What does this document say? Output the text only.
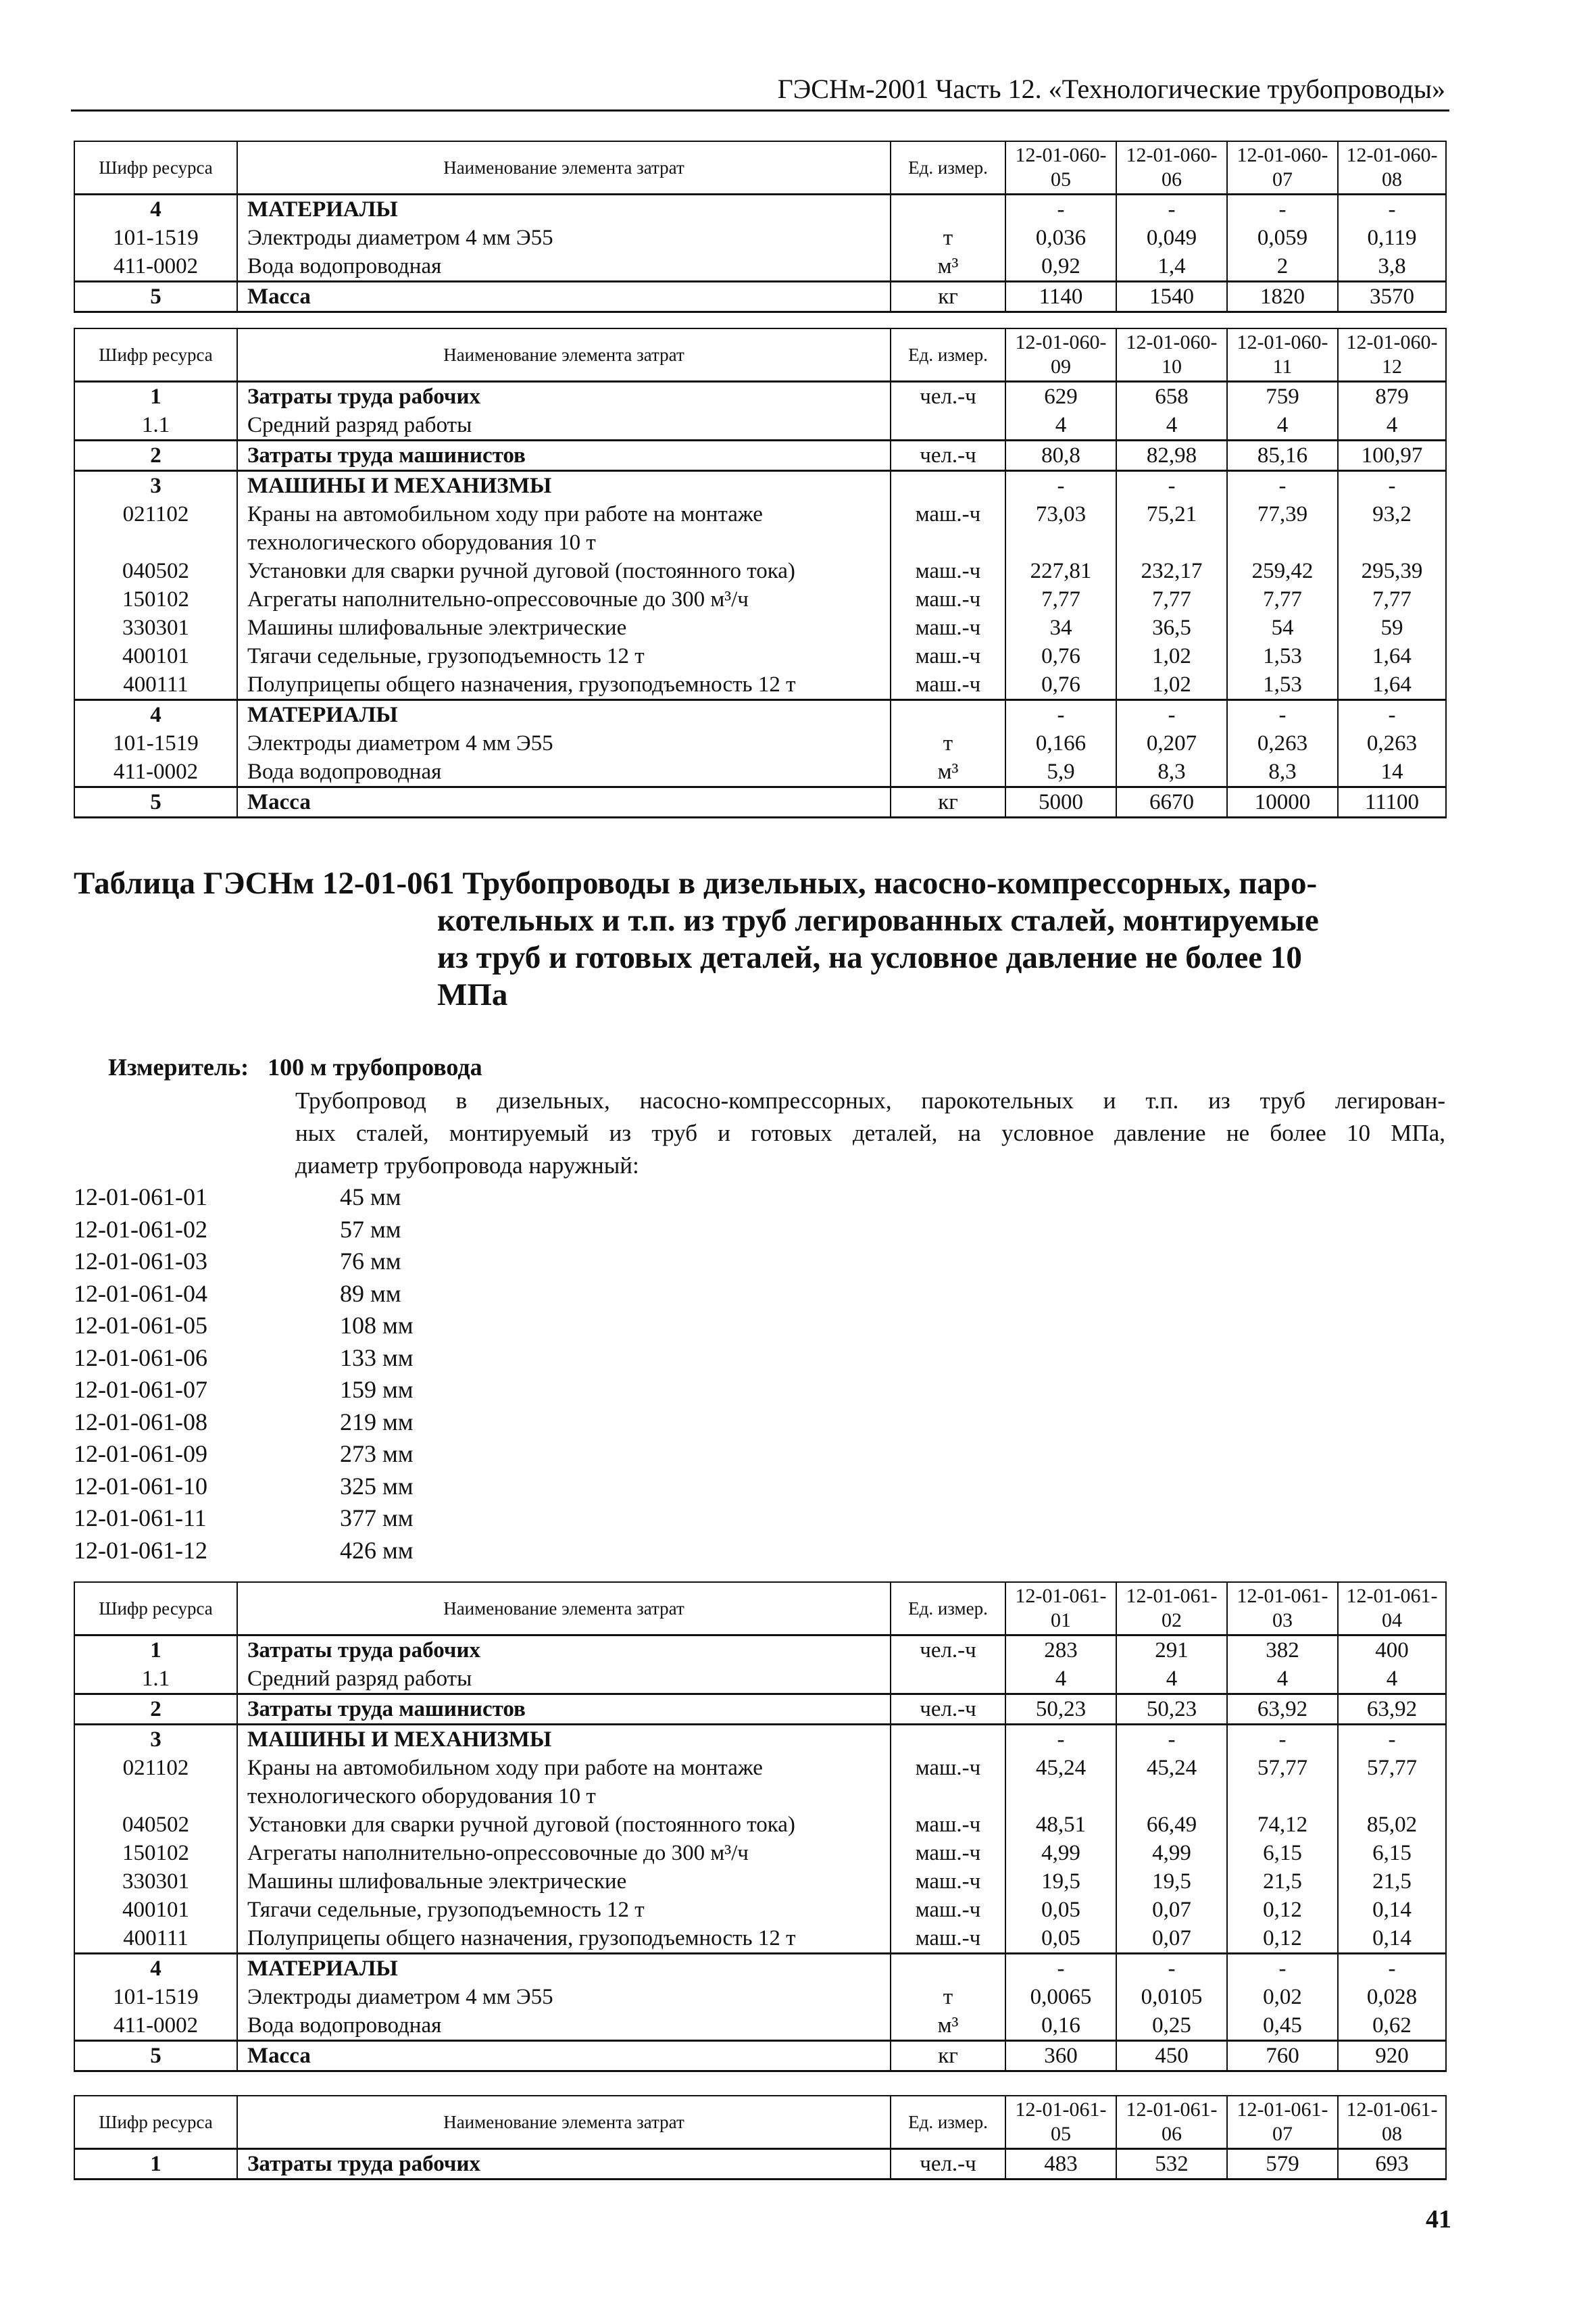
ГЭСНм-2001 Часть 12. «Технологические трубопроводы»
Шифр ресурса	Наименование элемента затрат	Ед. измер.	12-01-060-05	12-01-060-06	12-01-060-07	12-01-060-08
4	МАТЕРИАЛЫ		-	-	-	-
101-1519	Электроды диаметром 4 мм Э55	т	0,036	0,049	0,059	0,119
411-0002	Вода водопроводная	м³	0,92	1,4	2	3,8
5	Масса	кг	1140	1540	1820	3570
Шифр ресурса	Наименование элемента затрат	Ед. измер.	12-01-060-09	12-01-060-10	12-01-060-11	12-01-060-12
1	Затраты труда рабочих	чел.-ч	629	658	759	879
1.1	Средний разряд работы		4	4	4	4
2	Затраты труда машинистов	чел.-ч	80,8	82,98	85,16	100,97
3	МАШИНЫ И МЕХАНИЗМЫ		-	-	-	-
021102	Краны на автомобильном ходу при работе на монтаже технологического оборудования 10 т	маш.-ч	73,03	75,21	77,39	93,2
040502	Установки для сварки ручной дуговой (постоянного тока)	маш.-ч	227,81	232,17	259,42	295,39
150102	Агрегаты наполнительно-опрессовочные до 300 м³/ч	маш.-ч	7,77	7,77	7,77	7,77
330301	Машины шлифовальные электрические	маш.-ч	34	36,5	54	59
400101	Тягачи седельные, грузоподъемность 12 т	маш.-ч	0,76	1,02	1,53	1,64
400111	Полуприцепы общего назначения, грузоподъемность 12 т	маш.-ч	0,76	1,02	1,53	1,64
4	МАТЕРИАЛЫ		-	-	-	-
101-1519	Электроды диаметром 4 мм Э55	т	0,166	0,207	0,263	0,263
411-0002	Вода водопроводная	м³	5,9	8,3	8,3	14
5	Масса	кг	5000	6670	10000	11100
Таблица ГЭСНм 12-01-061 Трубопроводы в дизельных, насосно-компрессорных, паро-
котельных и т.п. из труб легированных сталей, монтируемые
из труб и готовых деталей, на условное давление не более 10
МПа
Измеритель: 100 м трубопровода
Трубопровод в дизельных, насосно-компрессорных, парокотельных и т.п. из труб легирован-
ных сталей, монтируемый из труб и готовых деталей, на условное давление не более 10 МПа,
диаметр трубопровода наружный:
12-01-061-01	45 мм
12-01-061-02	57 мм
12-01-061-03	76 мм
12-01-061-04	89 мм
12-01-061-05	108 мм
12-01-061-06	133 мм
12-01-061-07	159 мм
12-01-061-08	219 мм
12-01-061-09	273 мм
12-01-061-10	325 мм
12-01-061-11	377 мм
12-01-061-12	426 мм
Шифр ресурса	Наименование элемента затрат	Ед. измер.	12-01-061-01	12-01-061-02	12-01-061-03	12-01-061-04
1	Затраты труда рабочих	чел.-ч	283	291	382	400
1.1	Средний разряд работы		4	4	4	4
2	Затраты труда машинистов	чел.-ч	50,23	50,23	63,92	63,92
3	МАШИНЫ И МЕХАНИЗМЫ		-	-	-	-
021102	Краны на автомобильном ходу при работе на монтаже технологического оборудования 10 т	маш.-ч	45,24	45,24	57,77	57,77
040502	Установки для сварки ручной дуговой (постоянного тока)	маш.-ч	48,51	66,49	74,12	85,02
150102	Агрегаты наполнительно-опрессовочные до 300 м³/ч	маш.-ч	4,99	4,99	6,15	6,15
330301	Машины шлифовальные электрические	маш.-ч	19,5	19,5	21,5	21,5
400101	Тягачи седельные, грузоподъемность 12 т	маш.-ч	0,05	0,07	0,12	0,14
400111	Полуприцепы общего назначения, грузоподъемность 12 т	маш.-ч	0,05	0,07	0,12	0,14
4	МАТЕРИАЛЫ		-	-	-	-
101-1519	Электроды диаметром 4 мм Э55	т	0,0065	0,0105	0,02	0,028
411-0002	Вода водопроводная	м³	0,16	0,25	0,45	0,62
5	Масса	кг	360	450	760	920
Шифр ресурса	Наименование элемента затрат	Ед. измер.	12-01-061-05	12-01-061-06	12-01-061-07	12-01-061-08
1	Затраты труда рабочих	чел.-ч	483	532	579	693
41
